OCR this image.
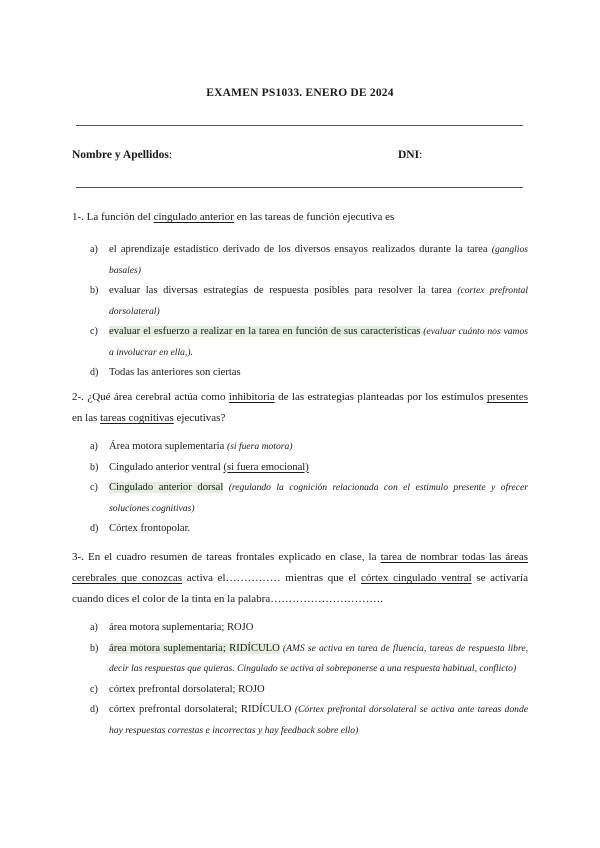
EXAMEN PS1033. ENERO DE 2024
Nombre y Apellidos:	DNI:
1-. La función del cingulado anterior en las tareas de función ejecutiva es
a) el aprendizaje estadístico derivado de los diversos ensayos realizados durante la tarea (ganglios basales)
b) evaluar las diversas estrategias de respuesta posibles para resolver la tarea (cortex prefrontal dorsolateral)
c) evaluar el esfuerzo a realizar en la tarea en función de sus características (evaluar cuánto nos vamos a involucrar en ella,).
d) Todas las anteriores son ciertas
2-. ¿Qué área cerebral actúa como inhibitoria de las estrategias planteadas por los estímulos presentes en las tareas cognitivas ejecutivas?
a) Área motora suplementaria (si fuera motora)
b) Cingulado anterior ventral (si fuera emocional)
c) Cingulado anterior dorsal (regulando la cognición relacionada con el estímulo presente y ofrecer soluciones cognitivas)
d) Córtex frontopolar.
3-. En el cuadro resumen de tareas frontales explicado en clase, la tarea de nombrar todas las áreas cerebrales que conozcas activa el…………… mientras que el córtex cingulado ventral se activaría cuando dices el color de la tinta en la palabra………………………….
a) área motora suplementaria; ROJO
b) área motora suplementaria; RIDÍCULO (AMS se activa en tarea de fluencia, tareas de respuesta libre, decir las respuestas que quieras. Cingulado se activa al sobreponerse a una respuesta habitual, conflicto)
c) córtex prefrontal dorsolateral; ROJO
d) córtex prefrontal dorsolateral; RIDÍCULO (Córtex prefrontal dorsolateral se activa ante tareas donde hay respuestas correstas e incorrectas y hay feedback sobre ello)
